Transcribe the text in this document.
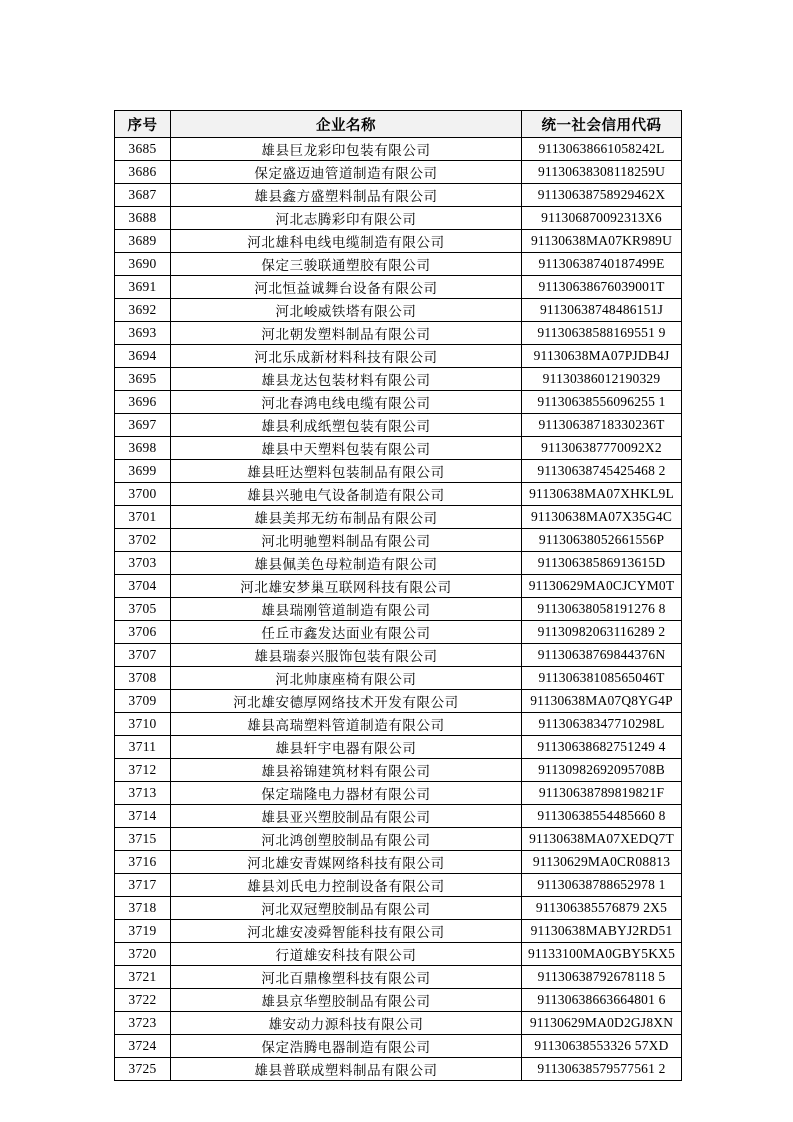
序号	企业名称	统一社会信用代码
3685	雄县巨龙彩印包装有限公司	91130638661058242L
3686	保定盛迈迪管道制造有限公司	91130638308118259U
3687	雄县鑫方盛塑料制品有限公司	91130638758929462X
3688	河北志腾彩印有限公司	911306870092313X6
3689	河北雄科电线电缆制造有限公司	91130638MA07KR989U
3690	保定三骏联通塑胶有限公司	91130638740187499E
3691	河北恒益诚舞台设备有限公司	91130638676039001T
3692	河北峻威铁塔有限公司	91130638748486151J
3693	河北朝发塑料制品有限公司	91130638588169551 9
3694	河北乐成新材料科技有限公司	91130638MA07PJDB4J
3695	雄县龙达包装材料有限公司	91130386012190329
3696	河北春鸿电线电缆有限公司	91130638556096255 1
3697	雄县利成纸塑包装有限公司	91130638718330236T
3698	雄县中天塑料包装有限公司	911306387770092X2
3699	雄县旺达塑料包装制品有限公司	91130638745425468 2
3700	雄县兴驰电气设备制造有限公司	91130638MA07XHKL9L
3701	雄县美邦无纺布制品有限公司	91130638MA07X35G4C
3702	河北明驰塑料制品有限公司	91130638052661556P
3703	雄县佩美色母粒制造有限公司	91130638586913615D
3704	河北雄安梦巢互联网科技有限公司	91130629MA0CJCYM0T
3705	雄县瑞刚管道制造有限公司	91130638058191276 8
3706	任丘市鑫发达面业有限公司	91130982063116289 2
3707	雄县瑞泰兴服饰包装有限公司	91130638769844376N
3708	河北帅康座椅有限公司	91130638108565046T
3709	河北雄安德厚网络技术开发有限公司	91130638MA07Q8YG4P
3710	雄县高瑞塑料管道制造有限公司	91130638347710298L
3711	雄县轩宇电器有限公司	91130638682751249 4
3712	雄县裕锦建筑材料有限公司	91130982692095708B
3713	保定瑞隆电力器材有限公司	91130638789819821F
3714	雄县亚兴塑胶制品有限公司	91130638554485660 8
3715	河北鸿创塑胶制品有限公司	91130638MA07XEDQ7T
3716	河北雄安青媒网络科技有限公司	91130629MA0CR08813
3717	雄县刘氏电力控制设备有限公司	91130638788652978 1
3718	河北双冠塑胶制品有限公司	911306385576879 2X5
3719	河北雄安凌舜智能科技有限公司	91130638MABYJ2RD51
3720	行道雄安科技有限公司	91133100MA0GBY5KX5
3721	河北百鼎橡塑科技有限公司	91130638792678118 5
3722	雄县京华塑胶制品有限公司	91130638663664801 6
3723	雄安动力源科技有限公司	91130629MA0D2GJ8XN
3724	保定浩腾电器制造有限公司	91130638553326 57XD
3725	雄县普联成塑料制品有限公司	91130638579577561 2
